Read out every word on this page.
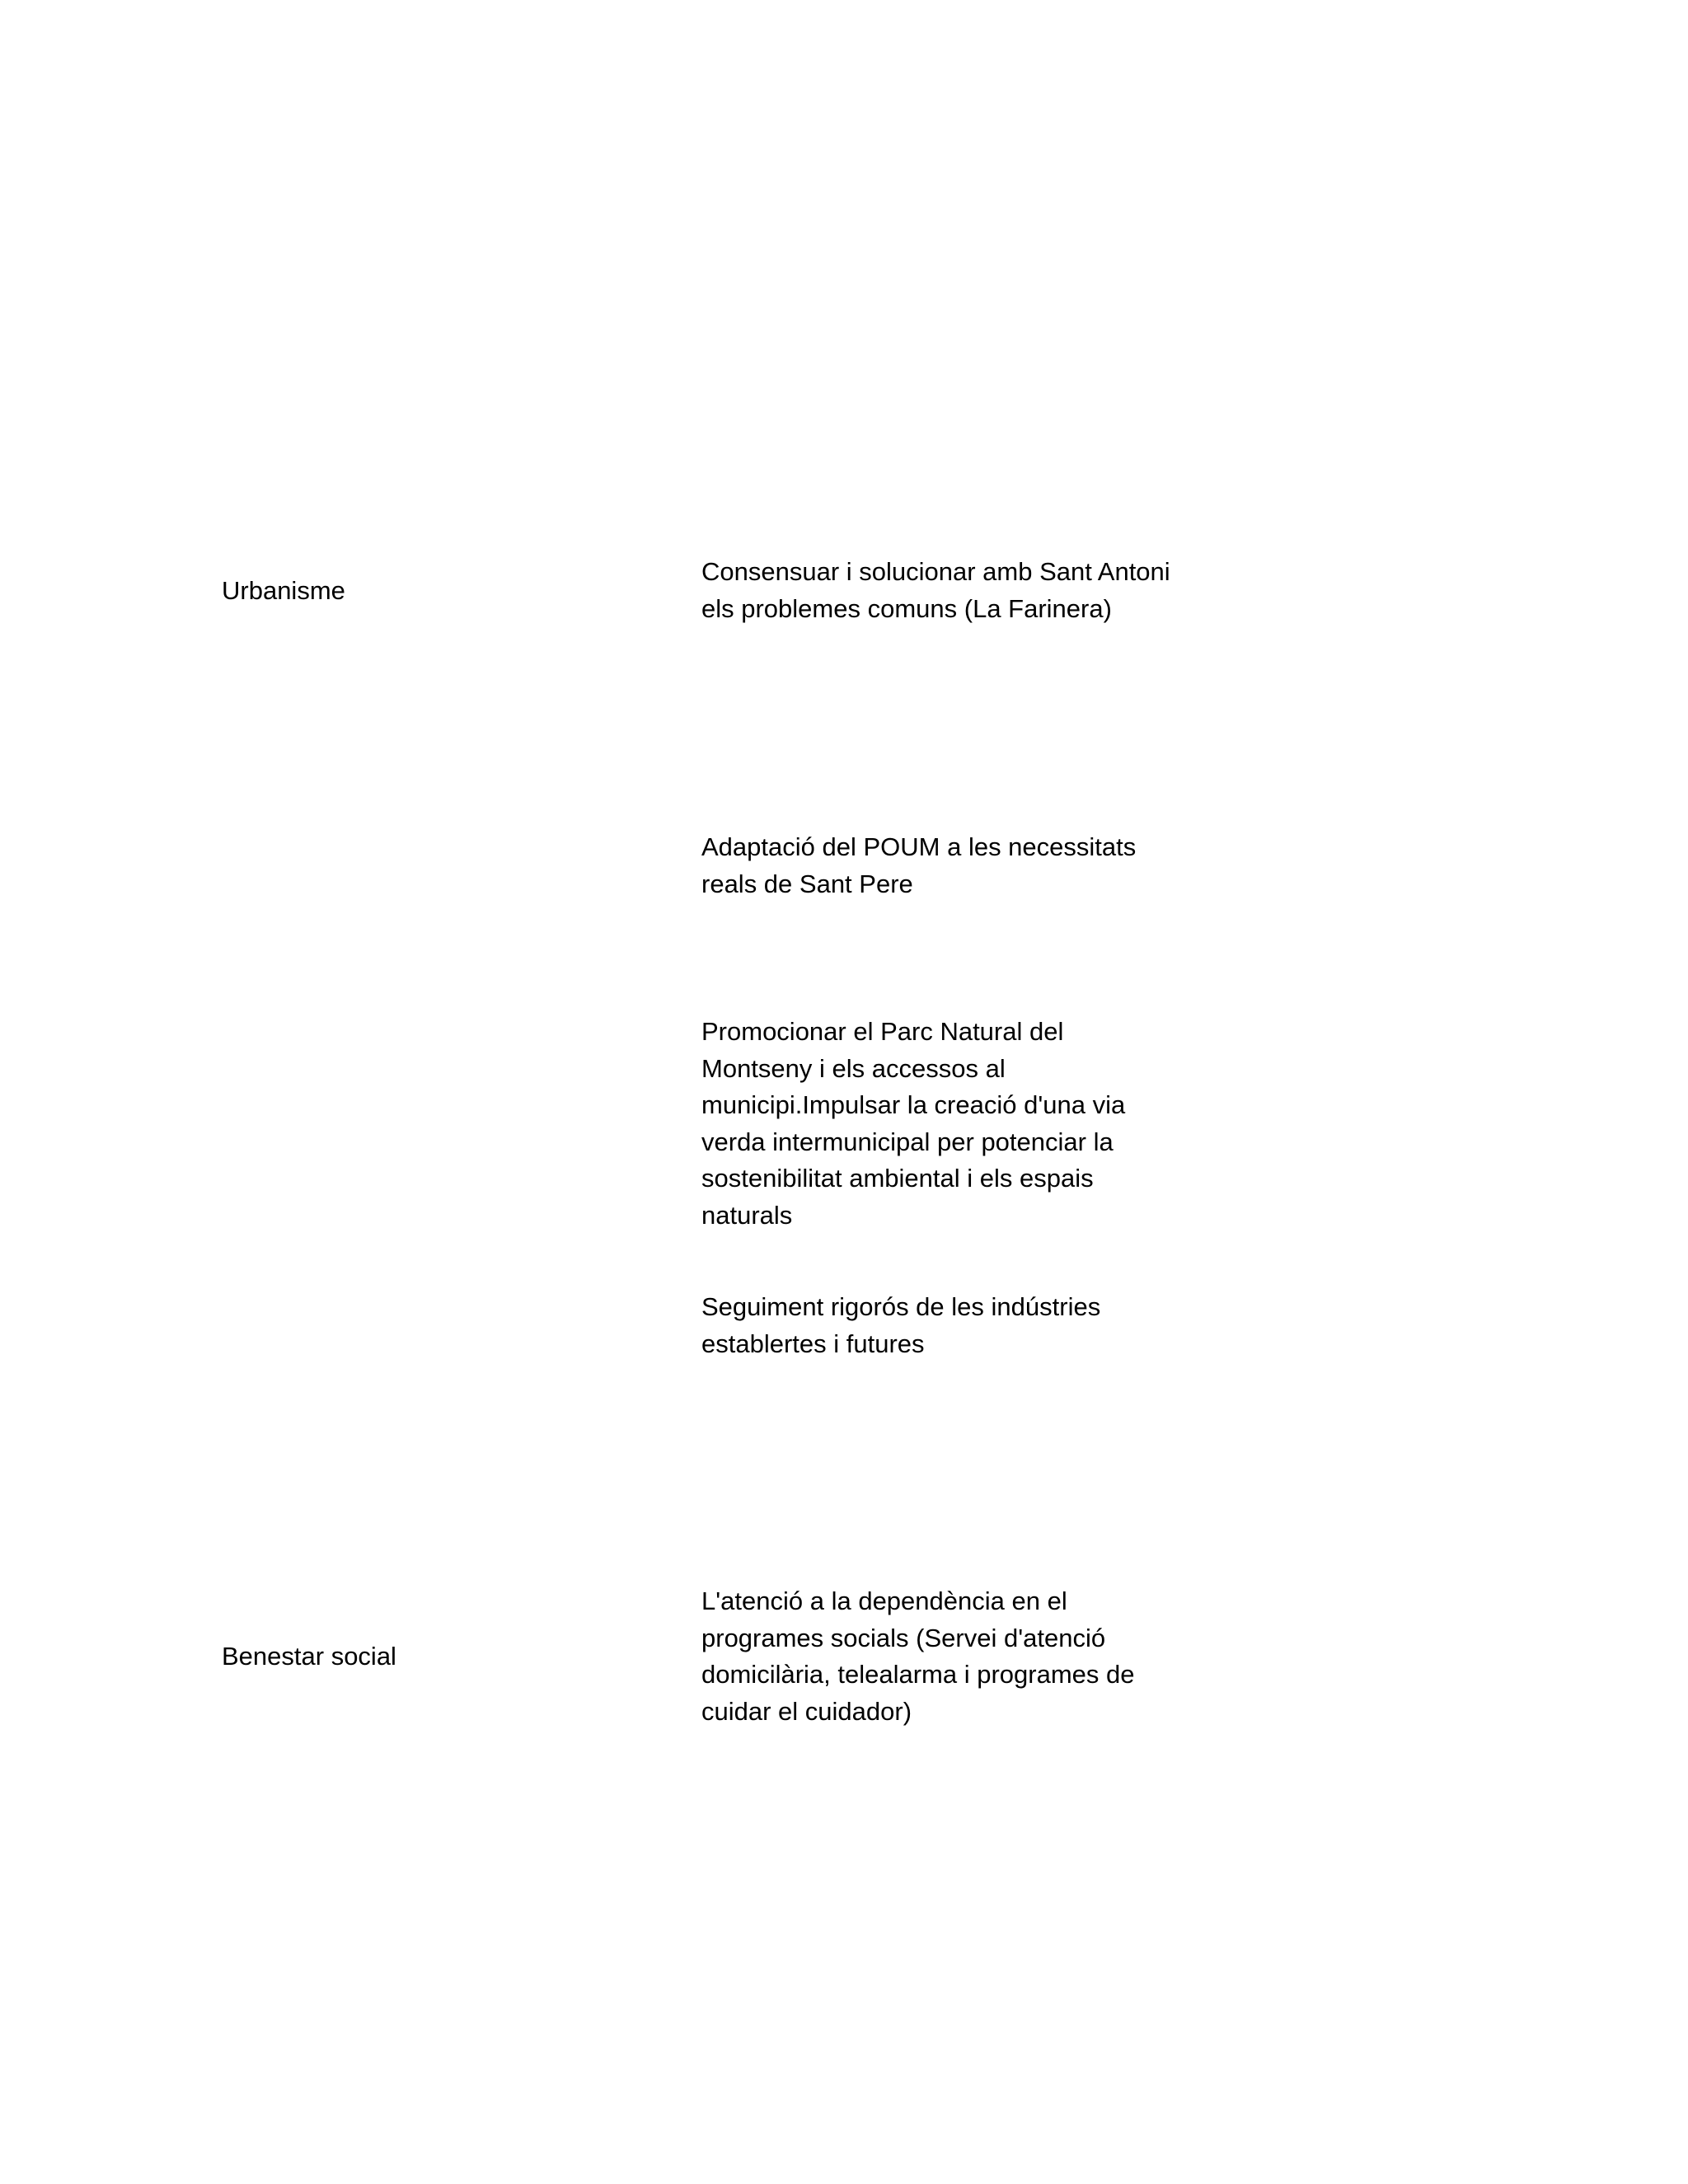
Urbanisme
Consensuar i solucionar amb Sant Antoni
els problemes comuns (La Farinera)
Adaptació del POUM a les necessitats
reals de Sant Pere
Promocionar el Parc Natural del
Montseny i els accessos al
municipi.Impulsar la creació d'una via
verda intermunicipal per potenciar la
sostenibilitat ambiental i els espais
naturals
Seguiment rigorós de les indústries
establertes i futures
Benestar social
L'atenció a la dependència en el
programes socials (Servei d'atenció
domicilària, telealarma i programes de
cuidar el cuidador)
